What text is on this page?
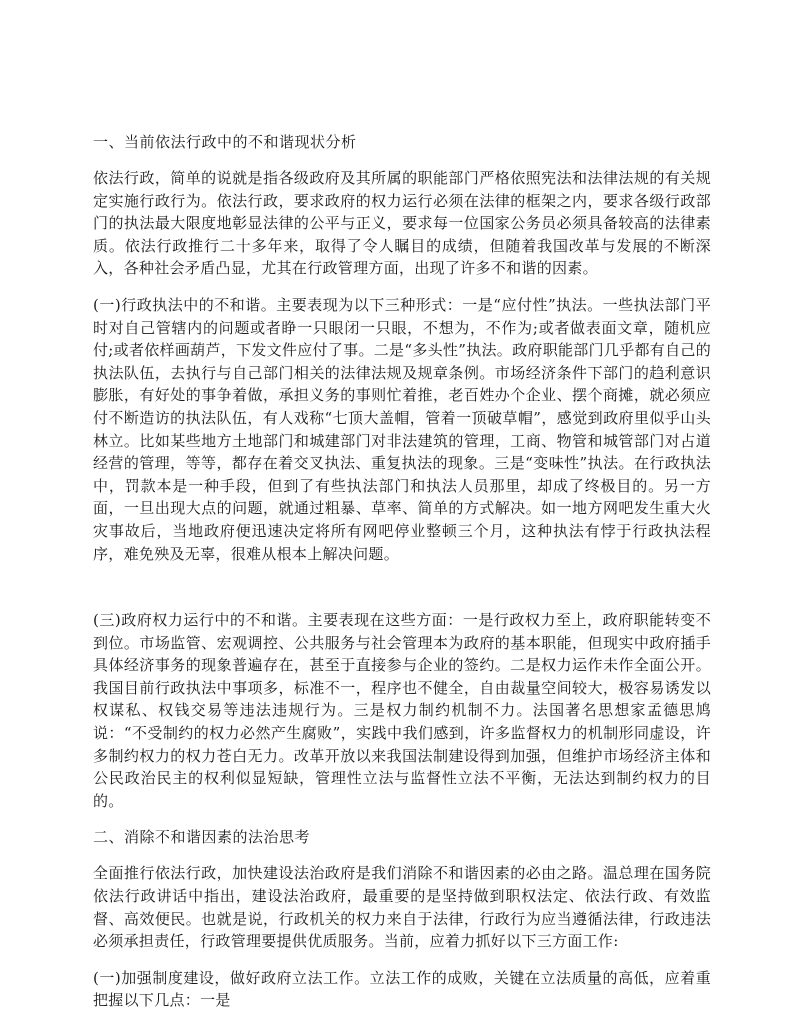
一、当前依法行政中的不和谐现状分析

依法行政，简单的说就是指各级政府及其所属的职能部门严格依照宪法和法律法规的有关规定实施行政行为。依法行政，要求政府的权力运行必须在法律的框架之内，要求各级行政部门的执法最大限度地彰显法律的公平与正义，要求每一位国家公务员必须具备较高的法律素质。依法行政推行二十多年来，取得了令人瞩目的成绩，但随着我国改革与发展的不断深入，各种社会矛盾凸显，尤其在行政管理方面，出现了许多不和谐的因素。

(一)行政执法中的不和谐。主要表现为以下三种形式：一是“应付性”执法。一些执法部门平时对自己管辖内的问题或者睁一只眼闭一只眼，不想为，不作为;或者做表面文章，随机应付;或者依样画葫芦，下发文件应付了事。二是“多头性”执法。政府职能部门几乎都有自己的执法队伍，去执行与自己部门相关的法律法规及规章条例。市场经济条件下部门的趋利意识膨胀，有好处的事争着做，承担义务的事则忙着推，老百姓办个企业、摆个商摊，就必须应付不断造访的执法队伍，有人戏称“七顶大盖帽，管着一顶破草帽”，感觉到政府里似乎山头林立。比如某些地方土地部门和城建部门对非法建筑的管理，工商、物管和城管部门对占道经营的管理，等等，都存在着交叉执法、重复执法的现象。三是“变味性”执法。在行政执法中，罚款本是一种手段，但到了有些执法部门和执法人员那里，却成了终极目的。另一方面，一旦出现大点的问题，就通过粗暴、草率、简单的方式解决。如一地方网吧发生重大火灾事故后，当地政府便迅速决定将所有网吧停业整顿三个月，这种执法有悖于行政执法程序，难免殃及无辜，很难从根本上解决问题。

(三)政府权力运行中的不和谐。主要表现在这些方面：一是行政权力至上，政府职能转变不到位。市场监管、宏观调控、公共服务与社会管理本为政府的基本职能，但现实中政府插手具体经济事务的现象普遍存在，甚至于直接参与企业的签约。二是权力运作未作全面公开。我国目前行政执法中事项多，标准不一，程序也不健全，自由裁量空间较大，极容易诱发以权谋私、权钱交易等违法违规行为。三是权力制约机制不力。法国著名思想家孟德思鸠说：“不受制约的权力必然产生腐败”，实践中我们感到，许多监督权力的机制形同虚设，许多制约权力的权力苍白无力。改革开放以来我国法制建设得到加强，但维护市场经济主体和公民政治民主的权利似显短缺，管理性立法与监督性立法不平衡，无法达到制约权力的目的。

二、消除不和谐因素的法治思考

全面推行依法行政，加快建设法治政府是我们消除不和谐因素的必由之路。温总理在国务院依法行政讲话中指出，建设法治政府，最重要的是坚持做到职权法定、依法行政、有效监督、高效便民。也就是说，行政机关的权力来自于法律，行政行为应当遵循法律，行政违法必须承担责任，行政管理要提供优质服务。当前，应着力抓好以下三方面工作:

(一)加强制度建设，做好政府立法工作。立法工作的成败，关键在立法质量的高低，应着重把握以下几点：一是
